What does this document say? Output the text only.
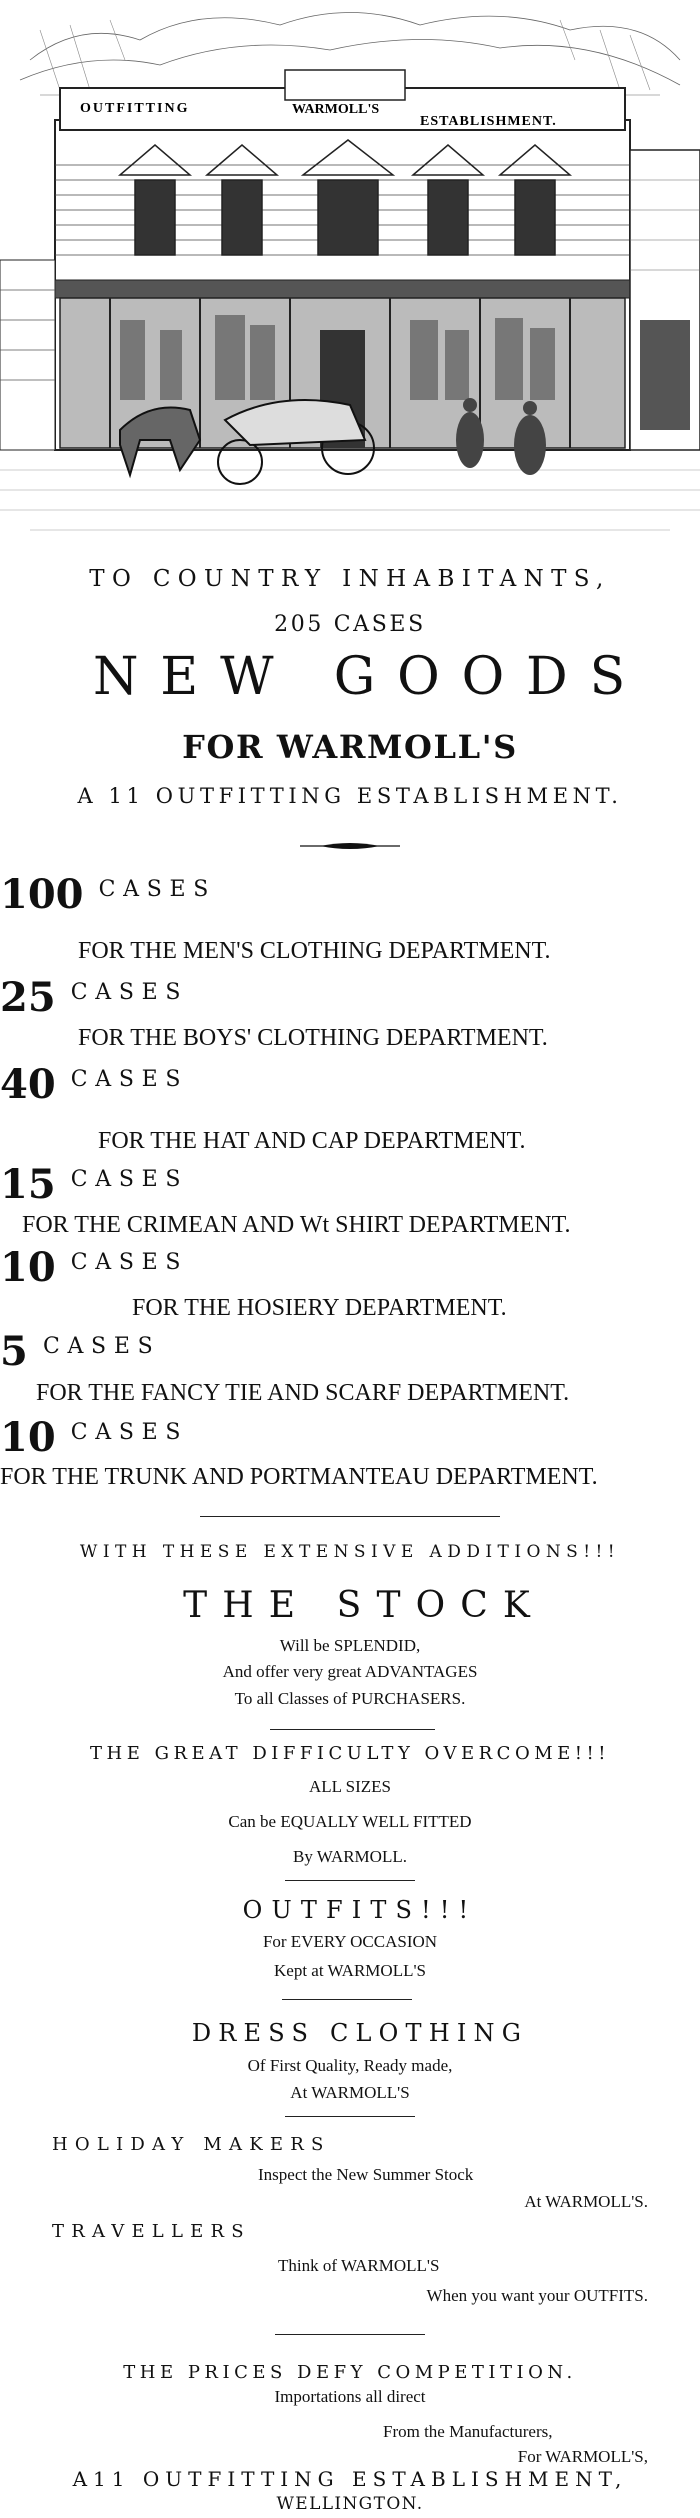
OUTFITTING	WARMOLL'S
ESTABLISHMENT.
TO COUNTRY INHABITANTS,
205 CASES
NEW GOODS
FOR WARMOLL'S
A 11 OUTFITTING ESTABLISHMENT.
100 CASES
FOR THE MEN'S CLOTHING DEPARTMENT.
25 CASES
FOR THE BOYS' CLOTHING DEPARTMENT.
40 CASES
FOR THE HAT AND CAP DEPARTMENT.
15 CASES
FOR THE CRIMEAN AND Wt SHIRT DEPARTMENT.
10 CASES
FOR THE HOSIERY DEPARTMENT.
5 CASES
FOR THE FANCY TIE AND SCARF DEPARTMENT.
10 CASES
FOR THE TRUNK AND PORTMANTEAU DEPARTMENT.
WITH THESE EXTENSIVE ADDITIONS!!!
THE STOCK
Will be SPLENDID,
And offer very great ADVANTAGES
To all Classes of PURCHASERS.
THE GREAT DIFFICULTY OVERCOME!!!
ALL SIZES
Can be EQUALLY WELL FITTED
By WARMOLL.
OUTFITS!!!
For EVERY OCCASION
Kept at WARMOLL'S
DRESS CLOTHING
Of First Quality, Ready made,
At WARMOLL'S
HOLIDAY MAKERS
Inspect the New Summer Stock
At WARMOLL'S.
TRAVELLERS
Think of WARMOLL'S
When you want your OUTFITS.
THE PRICES DEFY COMPETITION.
Importations all direct
From the Manufacturers,
For WARMOLL'S,
A11 OUTFITTING ESTABLISHMENT,
WELLINGTON.
